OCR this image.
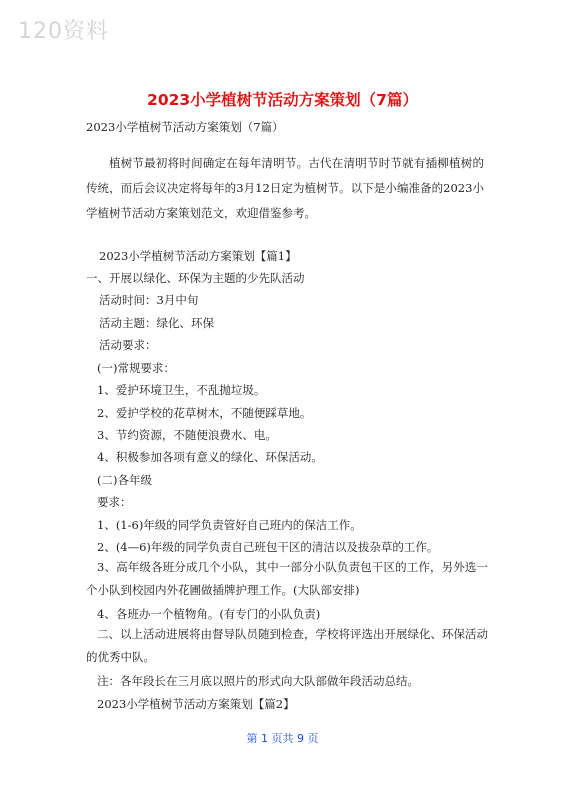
120资料
2023小学植树节活动方案策划（7篇）
2023小学植树节活动方案策划（7篇）
植树节最初将时间确定在每年清明节。古代在清明节时节就有插柳植树的传统，而后会议决定将每年的3月12日定为植树节。以下是小编准备的2023小学植树节活动方案策划范文，欢迎借鉴参考。
2023小学植树节活动方案策划【篇1】
一、开展以绿化、环保为主题的少先队活动
活动时间：3月中旬
活动主题：绿化、环保
活动要求：
(一)常规要求：
1、爱护环境卫生，不乱抛垃圾。
2、爱护学校的花草树木，不随便踩草地。
3、节约资源，不随便浪费水、电。
4、积极参加各项有意义的绿化、环保活动。
(二)各年级
要求：
1、(1-6)年级的同学负责管好自己班内的保洁工作。
2、(4—6)年级的同学负责自己班包干区的清洁以及拔杂草的工作。
3、高年级各班分成几个小队，其中一部分小队负责包干区的工作，另外选一个小队到校园内外花圃做插牌护理工作。(大队部安排)
4、各班办一个植物角。(有专门的小队负责)
二、以上活动进展将由督导队员随到检查，学校将评选出开展绿化、环保活动的优秀中队。
注：各年段长在三月底以照片的形式向大队部做年段活动总结。
2023小学植树节活动方案策划【篇2】
第 1 页共 9 页
